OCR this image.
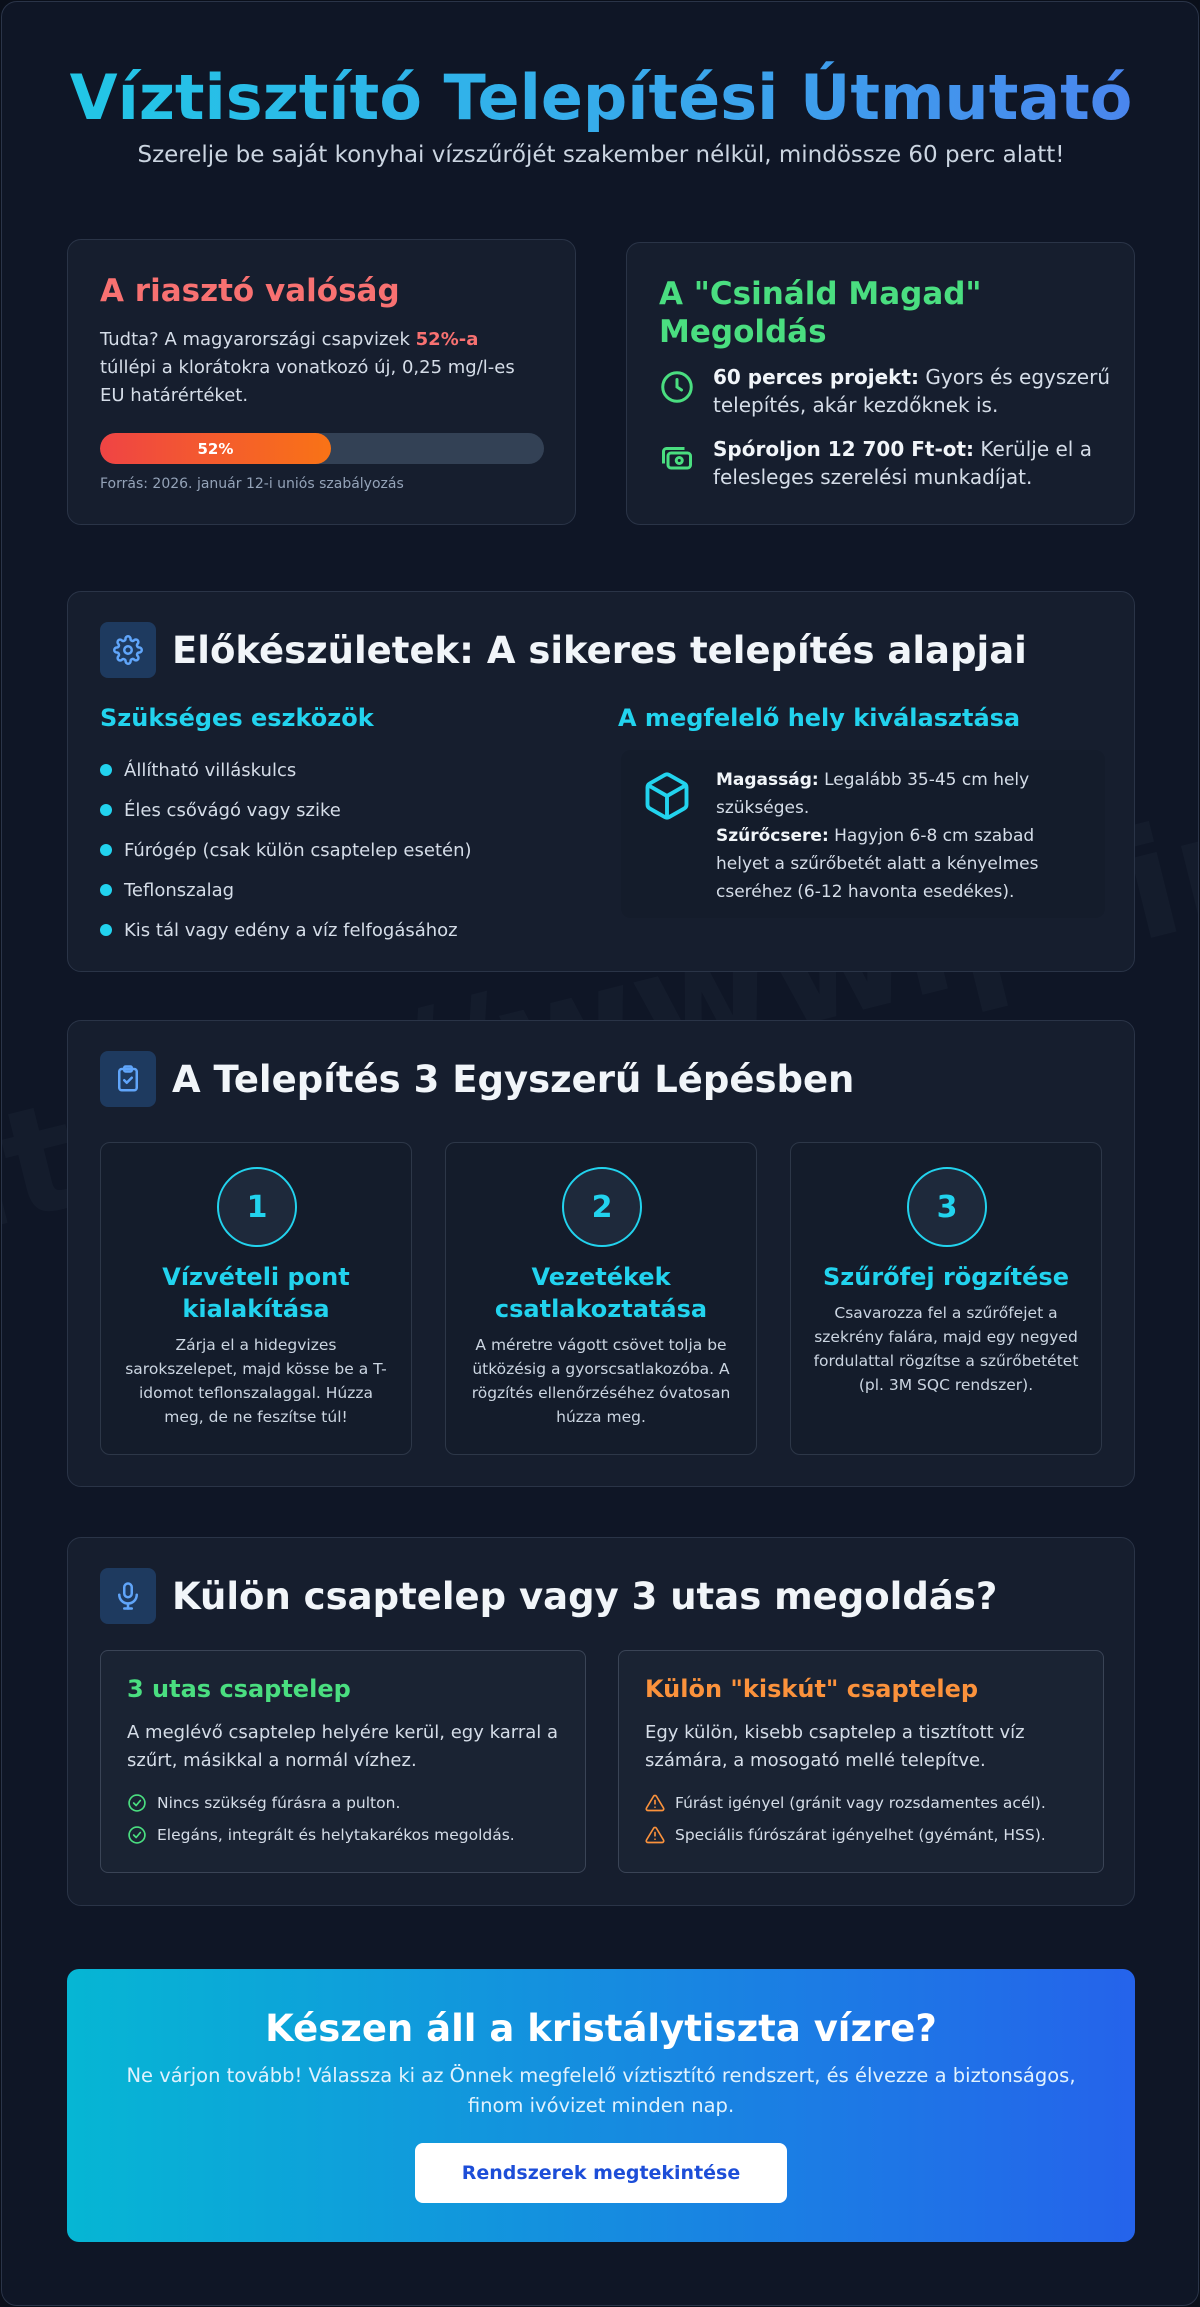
Víztisztító Telepítési Útmutató

Szerelje be saját konyhai vízszűrőjét szakember nélkül, mindössze 60 perc alatt!

A riasztó valóság

Tudta? A magyarországi csapvizek 52%-a túllépi a klorátokra vonatkozó új, 0,25 mg/l-es EU határértéket.

52%
Forrás: 2026. január 12-i uniós szabályozás
A "Csináld Magad" Megoldás
60 perces projekt: Gyors és egyszerű telepítés, akár kezdőknek is.
Spóroljon 12 700 Ft-ot: Kerülje el a felesleges szerelési munkadíjat.
Előkészületek: A sikeres telepítés alapjai
Szükséges eszközök
Állítható villáskulcs
Éles csővágó vagy szike
Fúrógép (csak külön csaptelep esetén)
Teflonszalag
Kis tál vagy edény a víz felfogásához
A megfelelő hely kiválasztása
Magasság: Legalább 35-45 cm hely szükséges.
Szűrőcsere: Hagyjon 6-8 cm szabad helyet a szűrőbetét alatt a kényelmes cseréhez (6-12 havonta esedékes).
A Telepítés 3 Egyszerű Lépésben
1
Vízvételi pont kialakítása
Zárja el a hidegvizes sarokszelepet, majd kösse be a T-idomot teflonszalaggal. Húzza meg, de ne feszítse túl!
2
Vezetékek csatlakoztatása
A méretre vágott csövet tolja be ütközésig a gyorscsatlakozóba. A rögzítés ellenőrzéséhez óvatosan húzza meg.
3
Szűrőfej rögzítése
Csavarozza fel a szűrőfejet a szekrény falára, majd egy negyed fordulattal rögzítse a szűrőbetétet (pl. 3M SQC rendszer).
Külön csaptelep vagy 3 utas megoldás?
3 utas csaptelep

A meglévő csaptelep helyére kerül, egy karral a szűrt, másikkal a normál vízhez.

Nincs szükség fúrásra a pulton.
Elegáns, integrált és helytakarékos megoldás.
Külön "kiskút" csaptelep

Egy külön, kisebb csaptelep a tisztított víz számára, a mosogató mellé telepítve.

Fúrást igényel (gránit vagy rozsdamentes acél).
Speciális fúrószárat igényelhet (gyémánt, HSS).
Készen áll a kristálytiszta vízre?
Ne várjon tovább! Válassza ki az Önnek megfelelő víztisztító rendszert, és élvezze a biztonságos, finom ivóvizet minden nap.
Rendszerek megtekintése
